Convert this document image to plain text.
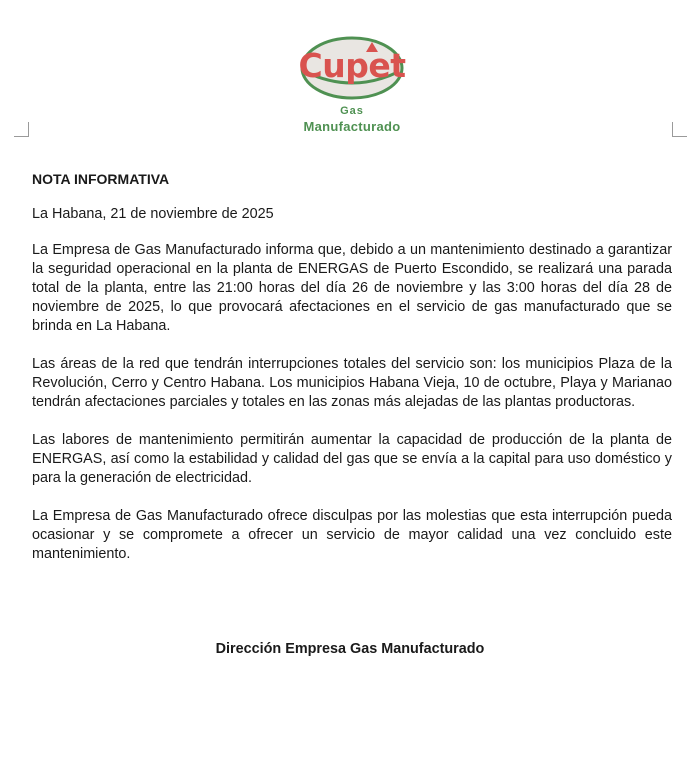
Cupet
Gas
Manufacturado

NOTA INFORMATIVA

La Habana, 21 de noviembre de 2025

La Empresa de Gas Manufacturado informa que, debido a un mantenimiento destinado a garantizar la seguridad operacional en la planta de ENERGAS de Puerto Escondido, se realizará una parada total de la planta, entre las 21:00 horas del día 26 de noviembre y las 3:00 horas del día 28 de noviembre de 2025, lo que provocará afectaciones en el servicio de gas manufacturado que se brinda en La Habana.

Las áreas de la red que tendrán interrupciones totales del servicio son: los municipios Plaza de la Revolución, Cerro y Centro Habana. Los municipios Habana Vieja, 10 de octubre, Playa y Marianao tendrán afectaciones parciales y totales en las zonas más alejadas de las plantas productoras.

Las labores de mantenimiento permitirán aumentar la capacidad de producción de la planta de ENERGAS, así como la estabilidad y calidad del gas que se envía a la capital para uso doméstico y para la generación de electricidad.

La Empresa de Gas Manufacturado ofrece disculpas por las molestias que esta interrupción pueda ocasionar y se compromete a ofrecer un servicio de mayor calidad una vez concluido este mantenimiento.

Dirección Empresa Gas Manufacturado
